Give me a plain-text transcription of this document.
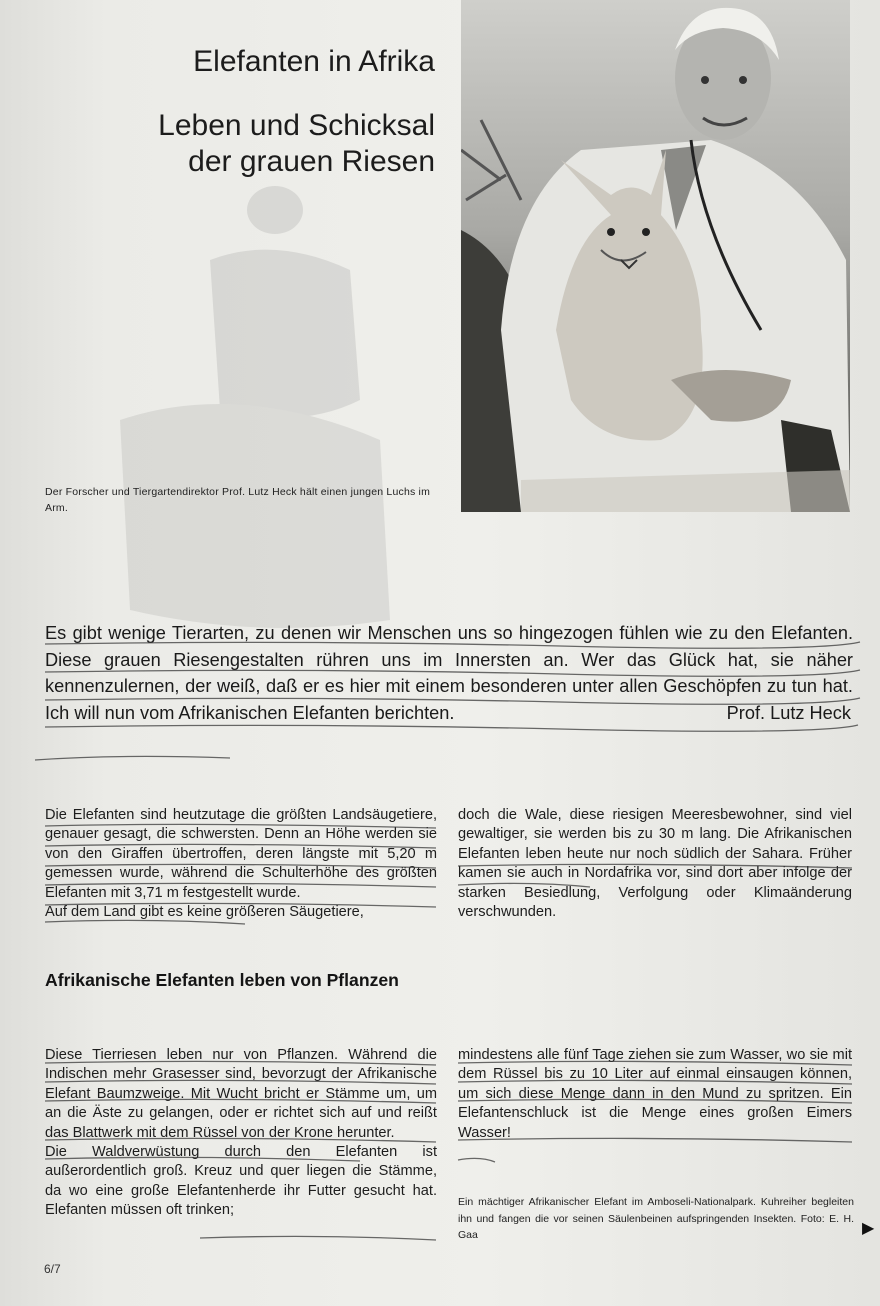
Elefanten in Afrika
Leben und Schicksal
der grauen Riesen

Der Forscher und Tiergartendirektor Prof. Lutz Heck hält einen jungen Luchs im Arm.

Es gibt wenige Tierarten, zu denen wir Menschen uns so hingezogen fühlen wie zu den Elefanten. Diese grauen Riesengestalten rühren uns im Innersten an. Wer das Glück hat, sie näher kennenzulernen, der weiß, daß er es hier mit einem besonderen unter allen Geschöpfen zu tun hat. Ich will nun vom Afrikanischen Elefanten berichten.	Prof. Lutz Heck

Die Elefanten sind heutzutage die größten Landsäugetiere, genauer gesagt, die schwersten. Denn an Höhe werden sie von den Giraffen übertroffen, deren längste mit 5,20 m gemessen wurde, während die Schulterhöhe des größten Elefanten mit 3,71 m festgestellt wurde.

Auf dem Land gibt es keine größeren Säugetiere,

doch die Wale, diese riesigen Meeresbewohner, sind viel gewaltiger, sie werden bis zu 30 m lang. Die Afrikanischen Elefanten leben heute nur noch südlich der Sahara. Früher kamen sie auch in Nordafrika vor, sind dort aber infolge der starken Besiedlung, Verfolgung oder Klimaänderung verschwunden.

Afrikanische Elefanten leben von Pflanzen

Diese Tierriesen leben nur von Pflanzen. Während die Indischen mehr Grasesser sind, bevorzugt der Afrikanische Elefant Baumzweige. Mit Wucht bricht er Stämme um, um an die Äste zu gelangen, oder er richtet sich auf und reißt das Blattwerk mit dem Rüssel von der Krone herunter.

Die Waldverwüstung durch den Elefanten ist außerordentlich groß. Kreuz und quer liegen die Stämme, da wo eine große Elefantenherde ihr Futter gesucht hat. Elefanten müssen oft trinken;

mindestens alle fünf Tage ziehen sie zum Wasser, wo sie mit dem Rüssel bis zu 10 Liter auf einmal einsaugen können, um sich diese Menge dann in den Mund zu spritzen. Ein Elefantenschluck ist die Menge eines großen Eimers Wasser!

Ein mächtiger Afrikanischer Elefant im Amboseli-Nationalpark. Kuhreiher begleiten ihn und fangen die vor seinen Säulenbeinen aufspringenden Insekten. Foto: E. H. Gaa	▶
6/7
